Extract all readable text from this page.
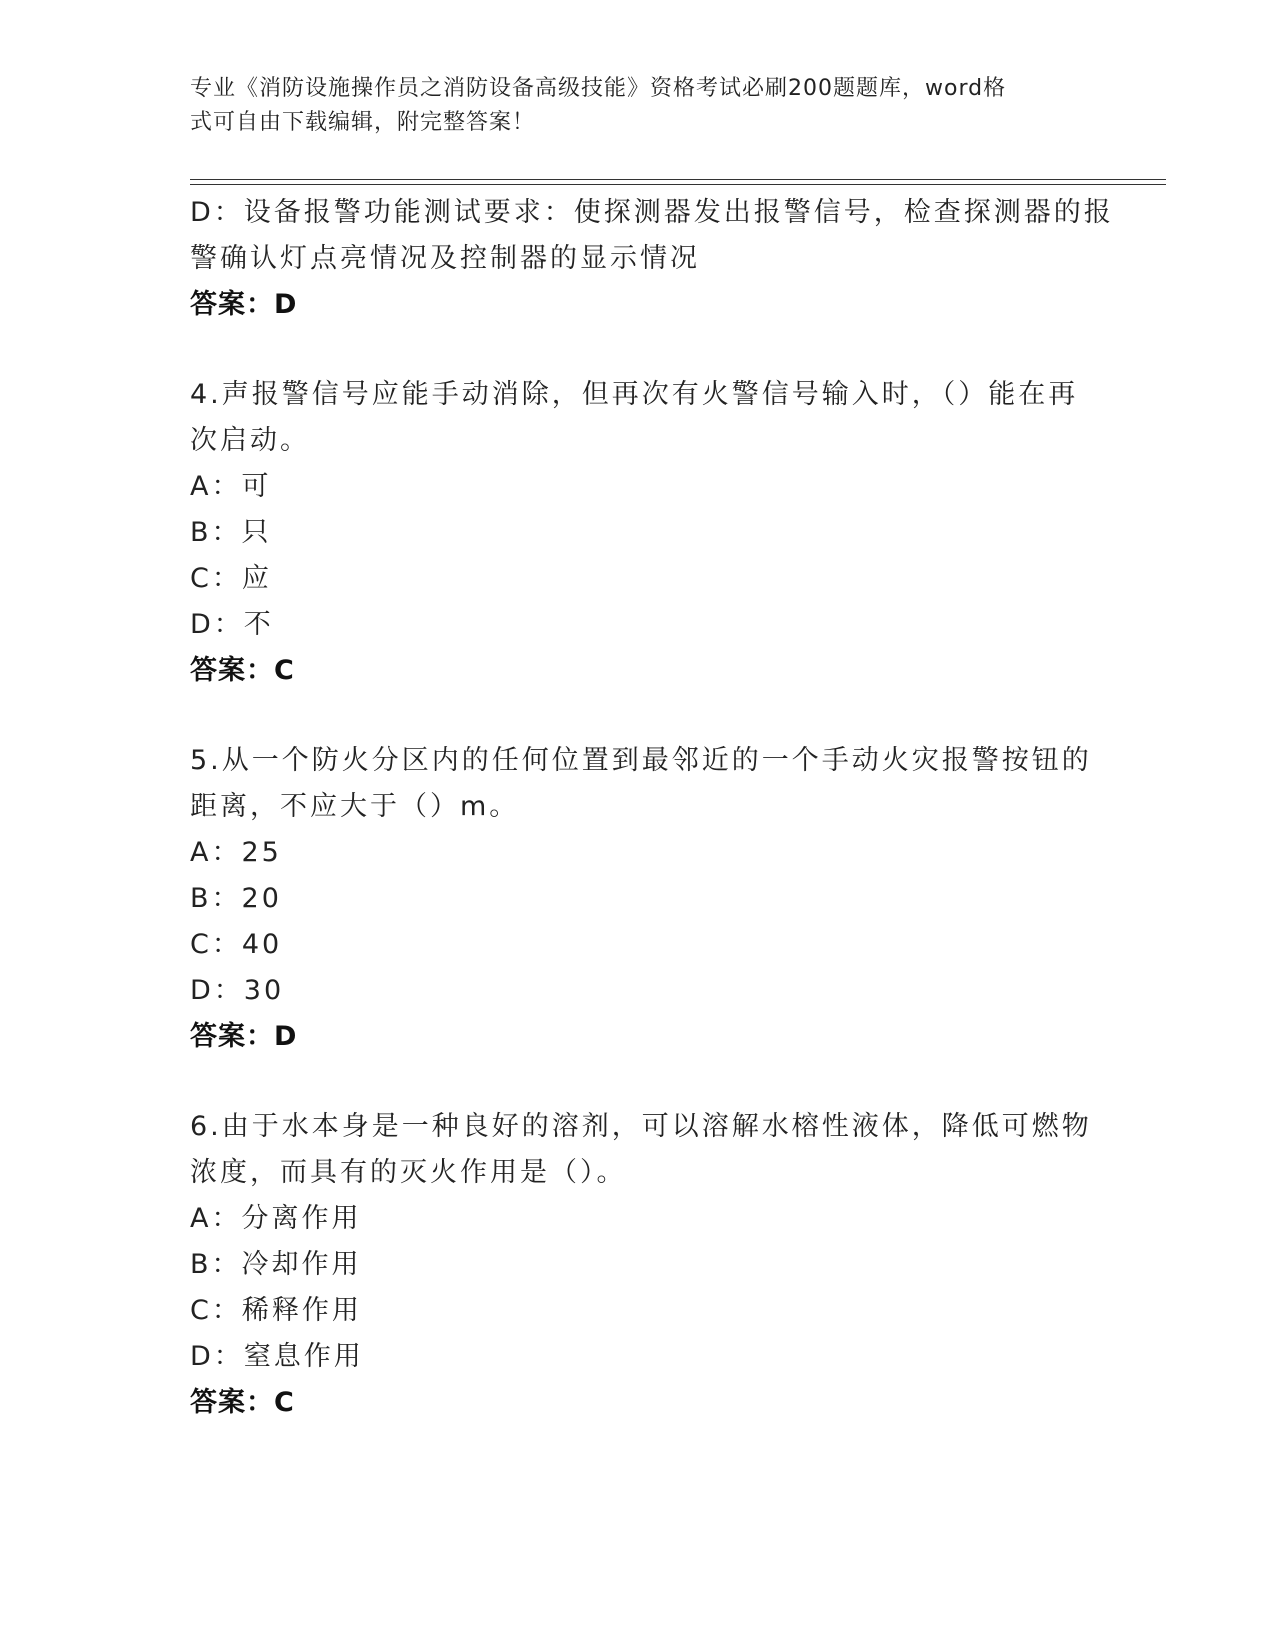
专业《消防设施操作员之消防设备高级技能》资格考试必刷200题题库，word格
式可自由下载编辑，附完整答案！
D：设备报警功能测试要求：使探测器发出报警信号，检查探测器的报
警确认灯点亮情况及控制器的显示情况
答案：D
4.声报警信号应能手动消除，但再次有火警信号输入时，（）能在再
次启动。
A：可
B：只
C：应
D：不
答案：C
5.从一个防火分区内的任何位置到最邻近的一个手动火灾报警按钮的
距离，不应大于（）m。
A：25
B：20
C：40
D：30
答案：D
6.由于水本身是一种良好的溶剂，可以溶解水榕性液体，降低可燃物
浓度，而具有的灭火作用是（）。
A：分离作用
B：冷却作用
C：稀释作用
D：窒息作用
答案：C
